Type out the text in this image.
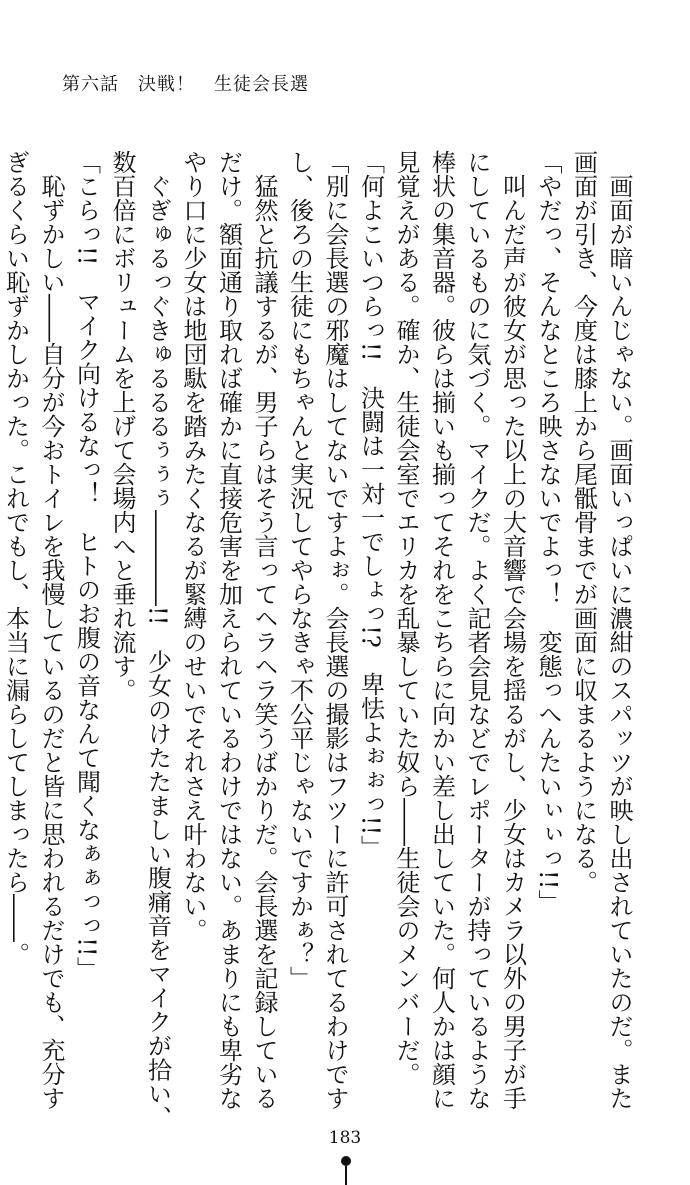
第六話　決戦！　生徒会長選

　画面が暗いんじゃない。画面いっぱいに濃紺のスパッツが映し出されていたのだ。また

画面が引き、今度は膝上から尾骶骨までが画面に収まるようになる。

「やだっ、そんなところ映さないでよっ！　変態っへんたいぃぃっ!!」

　叫んだ声が彼女が思った以上の大音響で会場を揺るがし、少女はカメラ以外の男子が手

にしているものに気づく。マイクだ。よく記者会見などでレポーターが持っているような

棒状の集音器。彼らは揃いも揃ってそれをこちらに向かい差し出していた。何人かは顔に

見覚えがある。確か、生徒会室でエリカを乱暴していた奴ら――生徒会のメンバーだ。

「何よこいつらっ!!　決闘は一対一でしょっ!?　卑怯よぉぉっ!!」

「別に会長選の邪魔はしてないですよぉ。会長選の撮影はフツーに許可されてるわけです

し、後ろの生徒にもちゃんと実況してやらなきゃ不公平じゃないですかぁ？」

　猛然と抗議するが、男子らはそう言ってヘラヘラ笑うばかりだ。会長選を記録している

だけ。額面通り取れば確かに直接危害を加えられているわけではない。あまりにも卑劣な

やり口に少女は地団駄を踏みたくなるが緊縛のせいでそれさえ叶わない。

　ぐぎゅるっぐきゅるるるぅぅぅ――――!!　少女のけたたましい腹痛音をマイクが拾い、

数百倍にボリュームを上げて会場内へと垂れ流す。

「こらっ!!　マイク向けるなっ！　ヒトのお腹の音なんて聞くなぁぁっっ!!」

　恥ずかしい――自分が今おトイレを我慢しているのだと皆に思われるだけでも、充分す

ぎるくらい恥ずかしかった。これでもし、本当に漏らしてしまったら――。

183
